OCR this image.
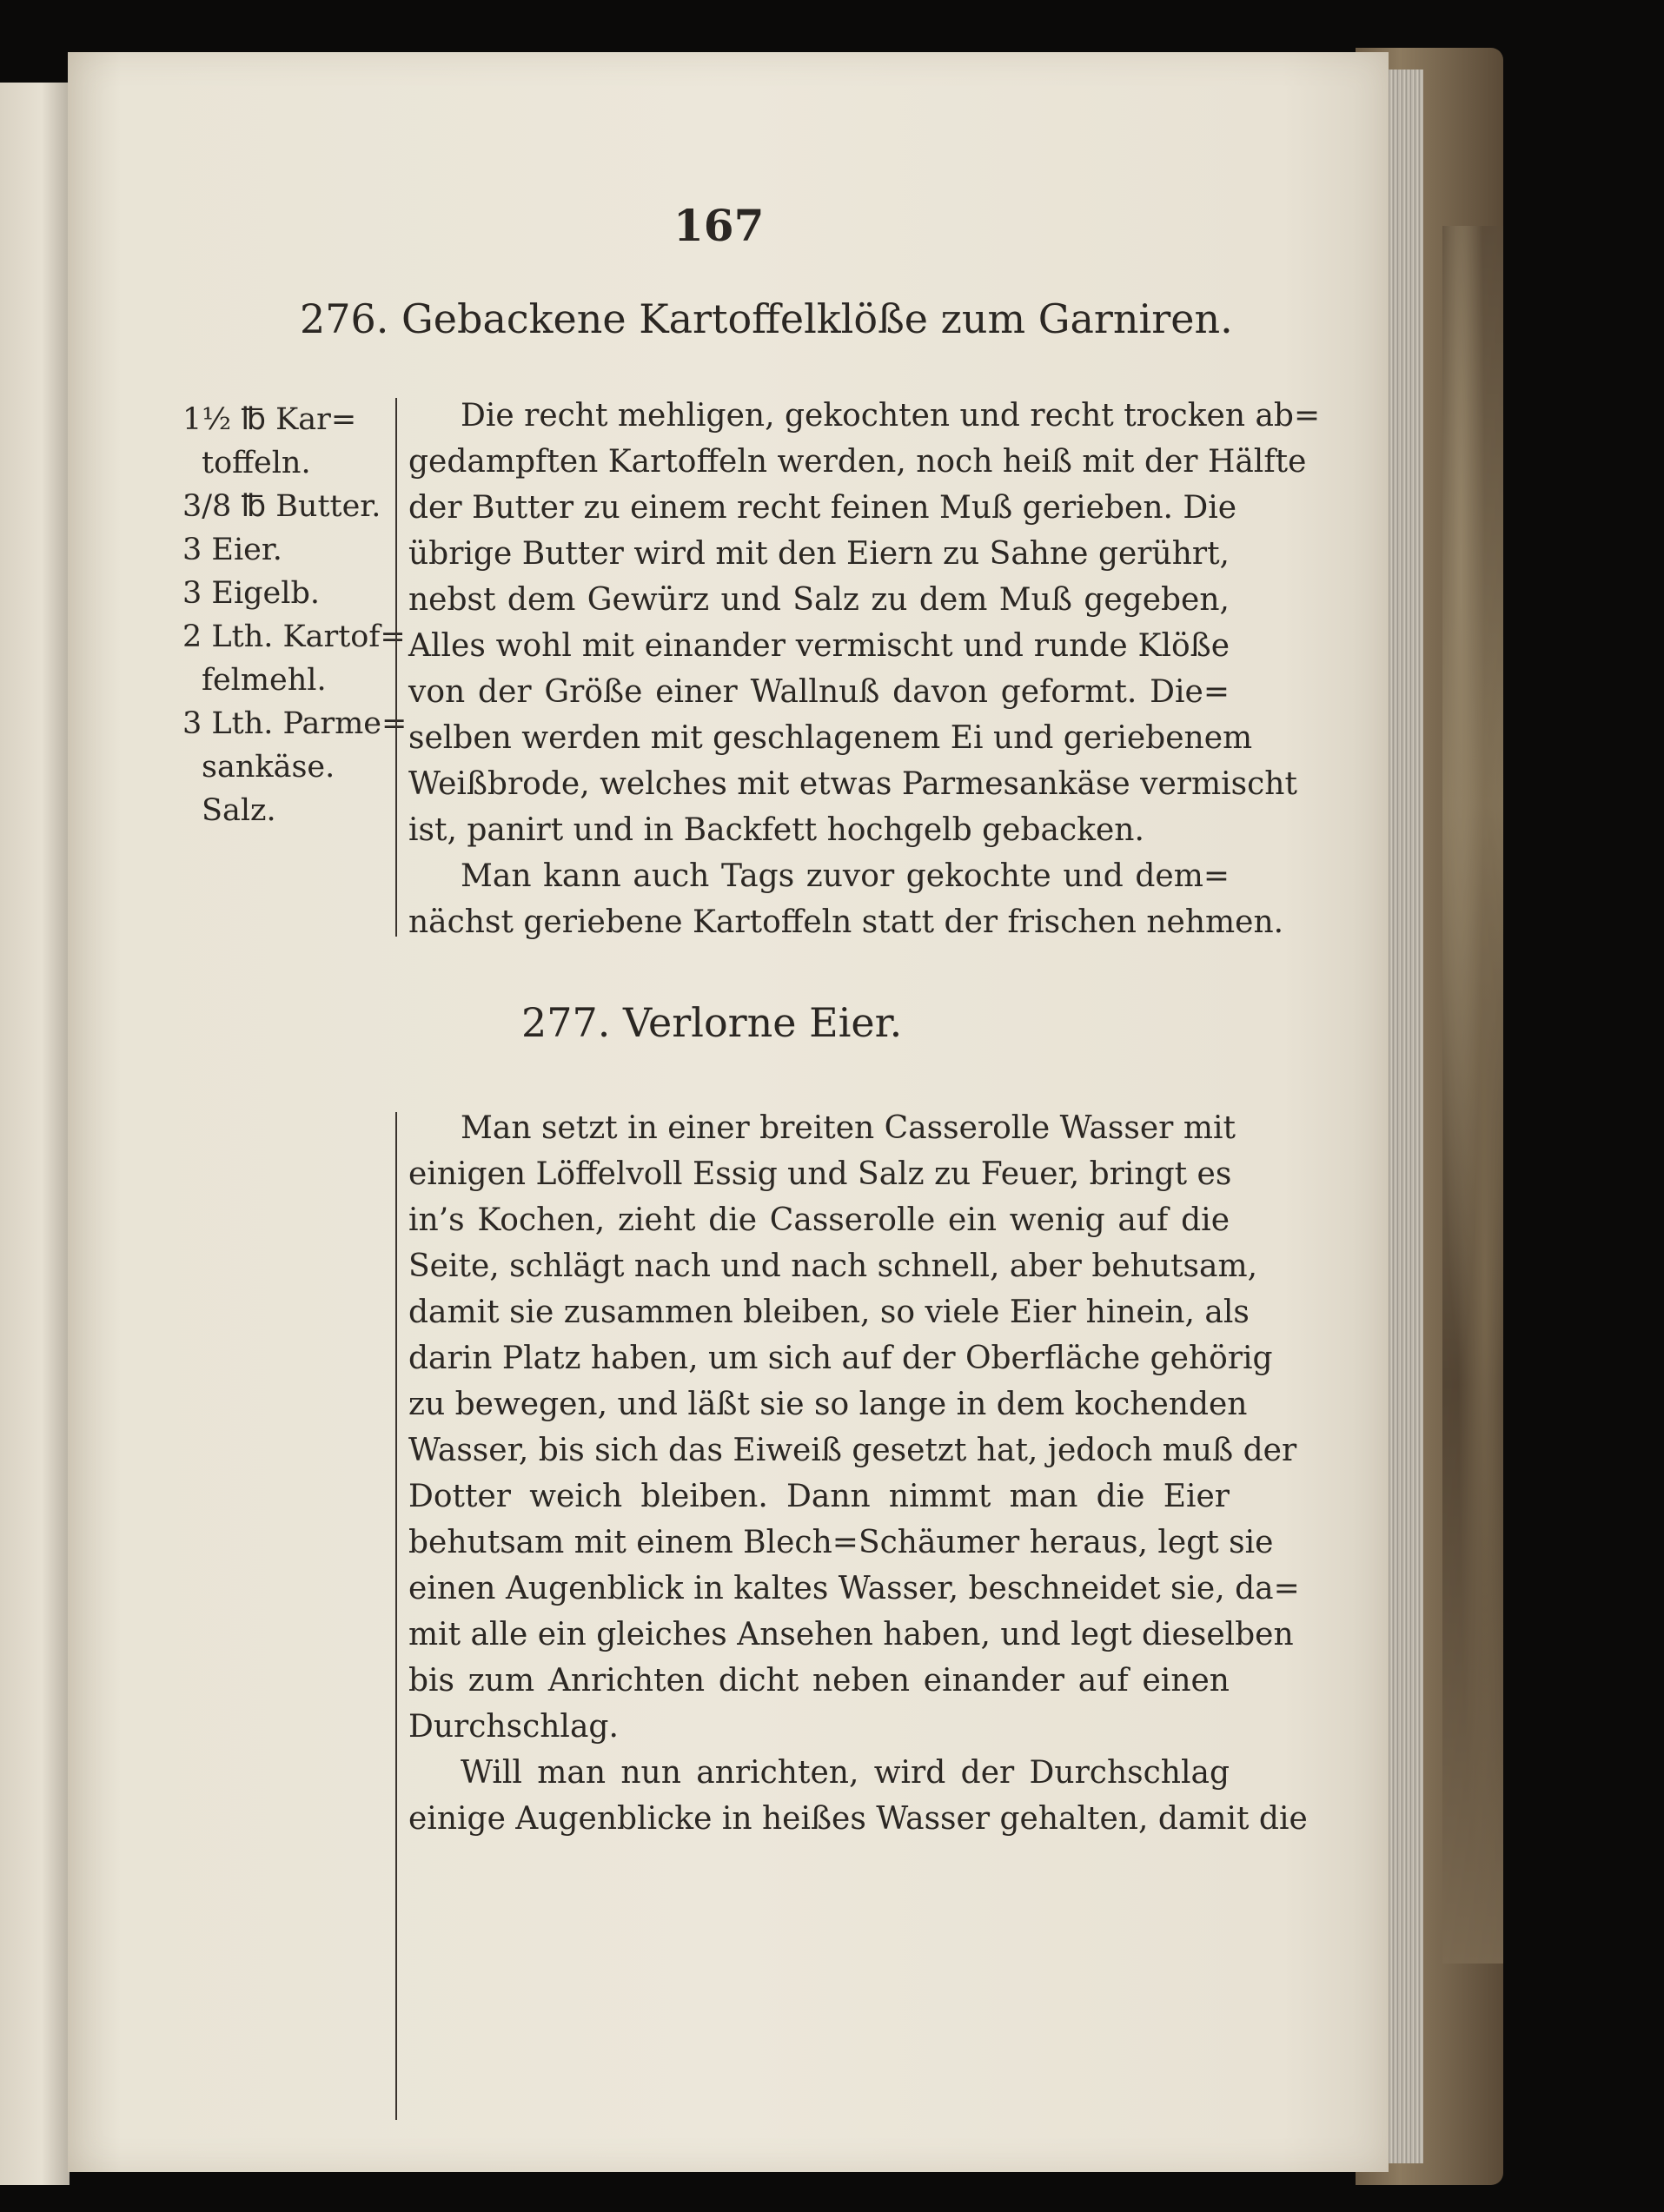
167
276. Gebackene Kartoffelklöße zum Garniren.
1½ ℔ Kar=
toffeln.
3/8 ℔ Butter.
3 Eier.
3 Eigelb.
2 Lth. Kartof=
felmehl.
3 Lth. Parme=
sankäse.
Salz.
Die recht mehligen, gekochten und recht trocken ab=
gedampften Kartoffeln werden, noch heiß mit der Hälfte
der Butter zu einem recht feinen Muß gerieben. Die
übrige Butter wird mit den Eiern zu Sahne gerührt,
nebst dem Gewürz und Salz zu dem Muß gegeben,
Alles wohl mit einander vermischt und runde Klöße
von der Größe einer Wallnuß davon geformt. Die=
selben werden mit geschlagenem Ei und geriebenem
Weißbrode, welches mit etwas Parmesankäse vermischt
ist, panirt und in Backfett hochgelb gebacken.
Man kann auch Tags zuvor gekochte und dem=
nächst geriebene Kartoffeln statt der frischen nehmen.
277. Verlorne Eier.
Man setzt in einer breiten Casserolle Wasser mit
einigen Löffelvoll Essig und Salz zu Feuer, bringt es
in’s Kochen, zieht die Casserolle ein wenig auf die
Seite, schlägt nach und nach schnell, aber behutsam,
damit sie zusammen bleiben, so viele Eier hinein, als
darin Platz haben, um sich auf der Oberfläche gehörig
zu bewegen, und läßt sie so lange in dem kochenden
Wasser, bis sich das Eiweiß gesetzt hat, jedoch muß der
Dotter weich bleiben. Dann nimmt man die Eier
behutsam mit einem Blech=Schäumer heraus, legt sie
einen Augenblick in kaltes Wasser, beschneidet sie, da=
mit alle ein gleiches Ansehen haben, und legt dieselben
bis zum Anrichten dicht neben einander auf einen
Durchschlag.
Will man nun anrichten, wird der Durchschlag
einige Augenblicke in heißes Wasser gehalten, damit die
